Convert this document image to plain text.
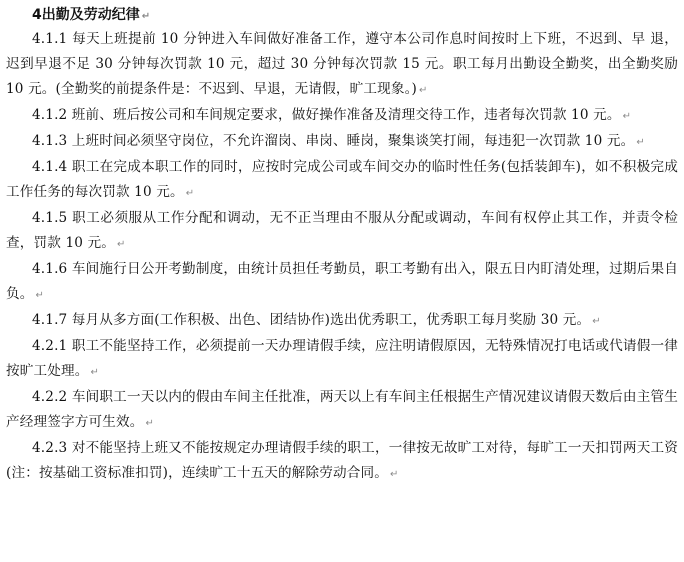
4出勤及劳动纪律 ↵

4.1.1 每天上班提前 10 分钟进入车间做好准备工作，遵守本公司作息时间按时上下班，不迟到、早 退，迟到早退不足 30 分钟每次罚款 10 元，超过 30 分钟每次罚款 15 元。职工每月出勤设全勤奖，出全勤奖励 10 元。(全勤奖的前提条件是：不迟到、早退，无请假，旷工现象。) ↵

4.1.2 班前、班后按公司和车间规定要求，做好操作准备及清理交待工作，违者每次罚款 10 元。 ↵

4.1.3 上班时间必须坚守岗位，不允许溜岗、串岗、睡岗，聚集谈笑打闹，每违犯一次罚款 10 元。 ↵

4.1.4 职工在完成本职工作的同时，应按时完成公司或车间交办的临时性任务(包括装卸车)，如不积极完成工作任务的每次罚款 10 元。 ↵

4.1.5 职工必须服从工作分配和调动，无不正当理由不服从分配或调动，车间有权停止其工作，并责令检查，罚款 10 元。 ↵

4.1.6 车间施行日公开考勤制度，由统计员担任考勤员，职工考勤有出入，限五日内盯清处理，过期后果自负。 ↵

4.1.7 每月从多方面(工作积极、出色、团结协作)选出优秀职工，优秀职工每月奖励 30 元。 ↵

4.2.1 职工不能坚持工作，必须提前一天办理请假手续，应注明请假原因，无特殊情况打电话或代请假一律按旷工处理。 ↵

4.2.2 车间职工一天以内的假由车间主任批准，两天以上有车间主任根据生产情况建议请假天数后由主管生产经理签字方可生效。 ↵

4.2.3 对不能坚持上班又不能按规定办理请假手续的职工，一律按无故旷工对待，每旷工一天扣罚两天工资(注：按基础工资标准扣罚)，连续旷工十五天的解除劳动合同。 ↵
